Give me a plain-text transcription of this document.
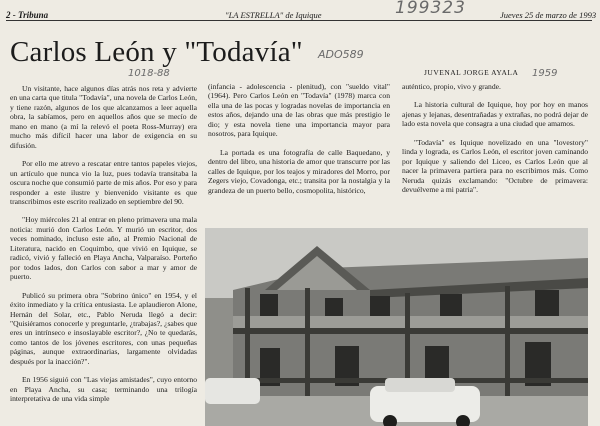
2 - Tribuna	"LA ESTRELLA" de Iquique	Jueves 25 de marzo de 1993
199323
Carlos León y "Todavía"
1018-88
ADO589
1959

Un visitante, hace algunos días atrás nos reta y advierte en una carta que titula "Todavía", una novela de Carlos León, y tiene razón, algunos de los que alcanzamos a leer aquella obra, la sabíamos, pero en aquellos años que se mecío de mano en mano (a mí la relevó el poeta Ross-Murray) era mucho más difícil hacer una labor de exigencia en su difusión.

Por ello me atrevo a rescatar entre tantos papeles viejos, un artículo que nunca vio la luz, pues todavía transitaba la oscura noche que consumió parte de mis años. Por eso y para responder a este ilustre y bienvenido visitante es que transcribimos este escrito realizado en septiembre del 90.

"Hoy miércoles 21 al entrar en pleno primavera una mala noticia: murió don Carlos León. Y murió un escritor, dos veces nominado, incluso este año, al Premio Nacional de Literatura, nacido en Coquimbo, que vivió en Iquique, se radicó, vivió y falleció en Playa Ancha, Valparaíso. Porteño por todos lados, don Carlos con sabor a mar y amor de puerto.

Publicó su primera obra "Sobrino único" en 1954, y el éxito inmediato y la crítica entusiasta. Le aplaudieron Alone, Hernán del Solar, etc., Pablo Neruda llegó a decir: "Quisiéramos conocerle y preguntarle, ¿trabajas?, ¿sabes que eres un intrínseco e insoslayable escritor?, ¿No te quedarás, como tantos de los jóvenes escritores, con unas pequeñas páginas, aunque extraordinarias, largamente olvidadas después por la inacción?".

En 1956 siguió con "Las viejas amistades", cuyo entorno en Playa Ancha, su casa; terminando una trilogía interpretativa de una vida simple

(infancia - adolescencia - plenitud), con "sueldo vital" (1964). Pero Carlos León en "Todavía" (1978) marca con ella una de las pocas y logradas novelas de importancia en estos años, dejando una de las obras que más prestigio le dio; y esta novela tiene una importancia mayor para nosotros, para Iquique.

La portada es una fotografía de calle Baquedano, y dentro del libro, una historia de amor que transcurre por las calles de Iquique, por los teajos y miradores del Morro, por Zegers viejo, Covadonga, etc.; transita por la nostalgia y la grandeza de un puerto bello, cosmopolita, histórico,

JUVENAL JORGE AYALA

auténtico, propio, vivo y grande.

La historia cultural de Iquique, hoy por hoy en manos ajenas y lejanas, desentrañadas y extrañas, no podrá dejar de lado esta novela que consagra a una ciudad que amamos.

"Todavía" es Iquique novelizado en una "lovestory" linda y lograda, es Carlos León, el escritor joven caminando por Iquique y saliendo del Liceo, es Carlos León que al nacer la primavera partiera para no escribirnos más. Como Neruda quizás exclamando: "Octubre de primavera: devuélveme a mi patria".
